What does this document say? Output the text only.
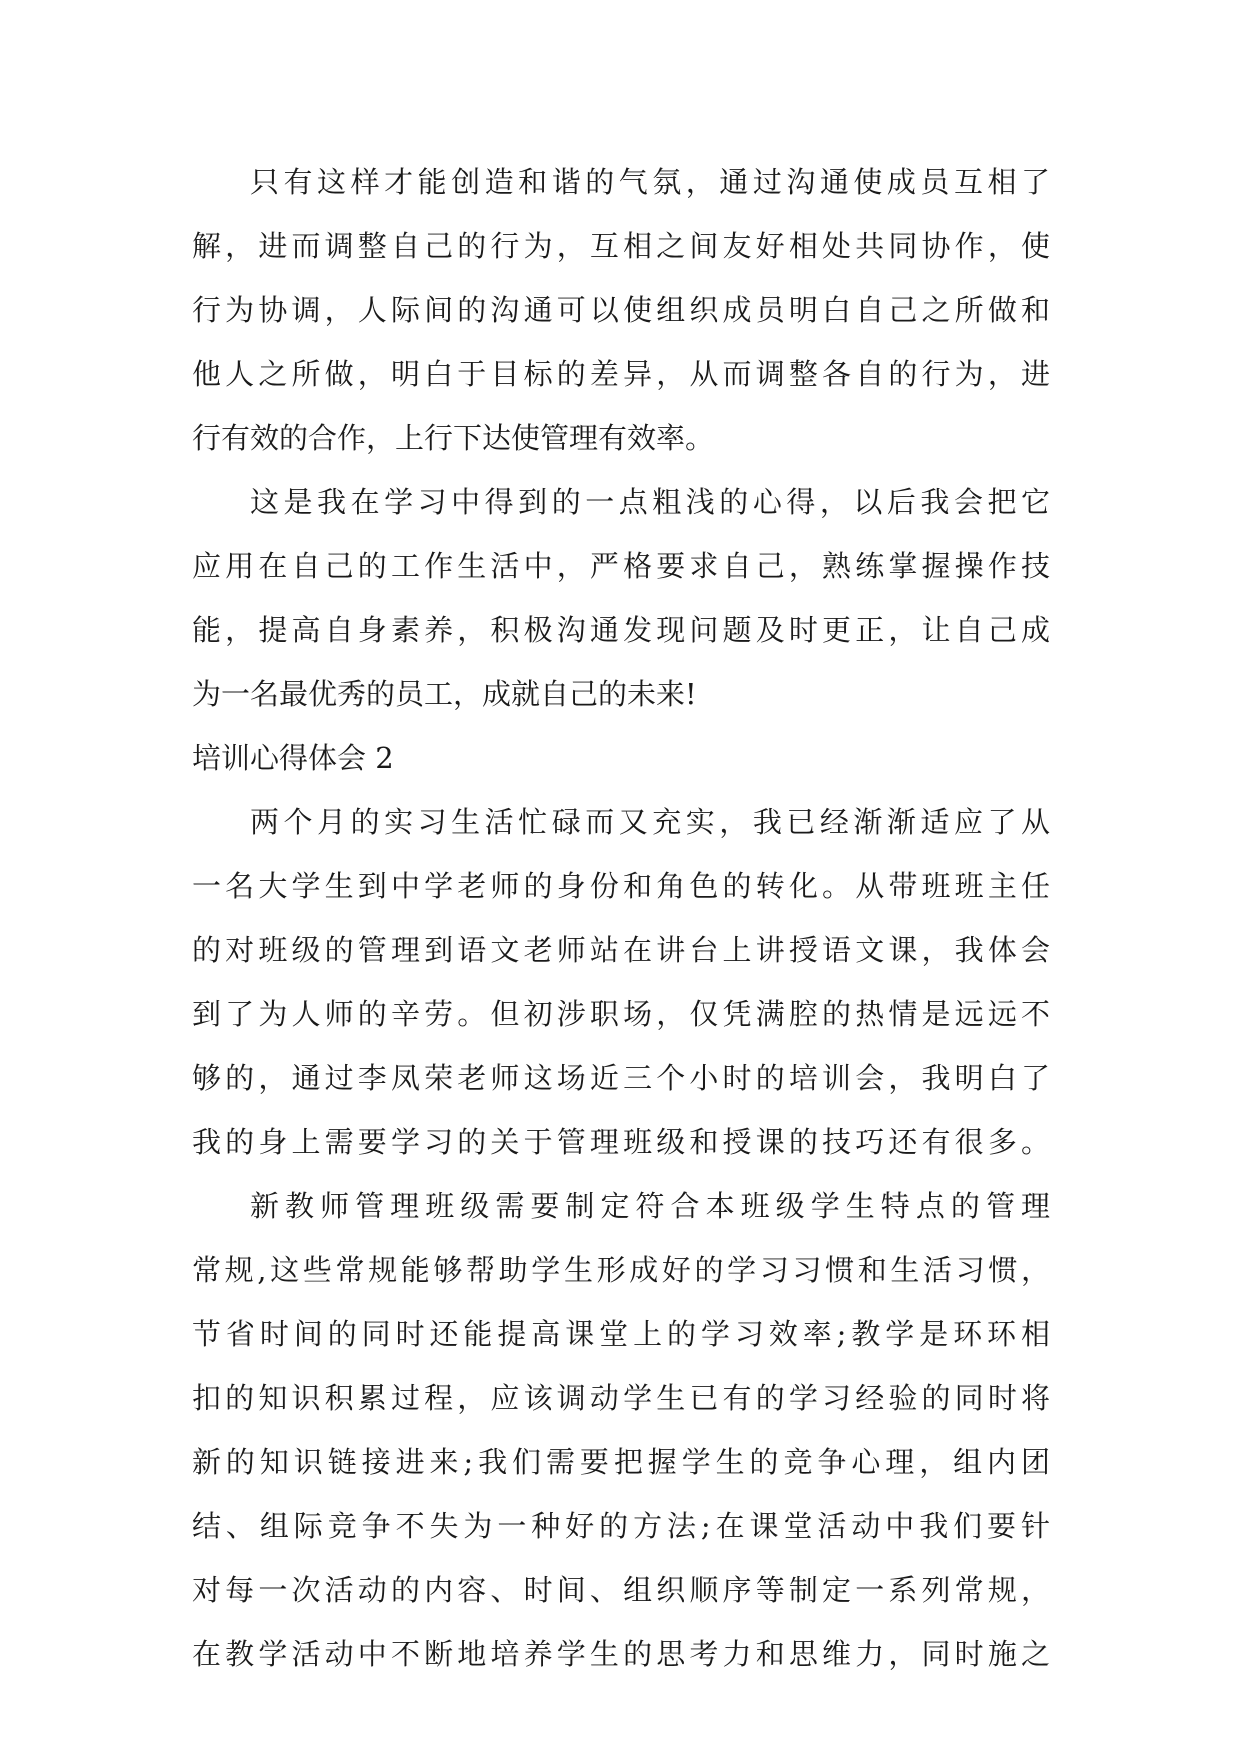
只有这样才能创造和谐的气氛，通过沟通使成员互相了
解，进而调整自己的行为，互相之间友好相处共同协作，使
行为协调，人际间的沟通可以使组织成员明白自己之所做和
他人之所做，明白于目标的差异，从而调整各自的行为，进
行有效的合作，上行下达使管理有效率。
这是我在学习中得到的一点粗浅的心得，以后我会把它
应用在自己的工作生活中，严格要求自己，熟练掌握操作技
能，提高自身素养，积极沟通发现问题及时更正，让自己成
为一名最优秀的员工，成就自己的未来!
培训心得体会 2
两个月的实习生活忙碌而又充实，我已经渐渐适应了从
一名大学生到中学老师的身份和角色的转化。从带班班主任
的对班级的管理到语文老师站在讲台上讲授语文课，我体会
到了为人师的辛劳。但初涉职场，仅凭满腔的热情是远远不
够的，通过李凤荣老师这场近三个小时的培训会，我明白了
我的身上需要学习的关于管理班级和授课的技巧还有很多。
新教师管理班级需要制定符合本班级学生特点的管理
常规,这些常规能够帮助学生形成好的学习习惯和生活习惯，
节省时间的同时还能提高课堂上的学习效率;教学是环环相
扣的知识积累过程，应该调动学生已有的学习经验的同时将
新的知识链接进来;我们需要把握学生的竞争心理，组内团
结、组际竞争不失为一种好的方法;在课堂活动中我们要针
对每一次活动的内容、时间、组织顺序等制定一系列常规，
在教学活动中不断地培养学生的思考力和思维力，同时施之
